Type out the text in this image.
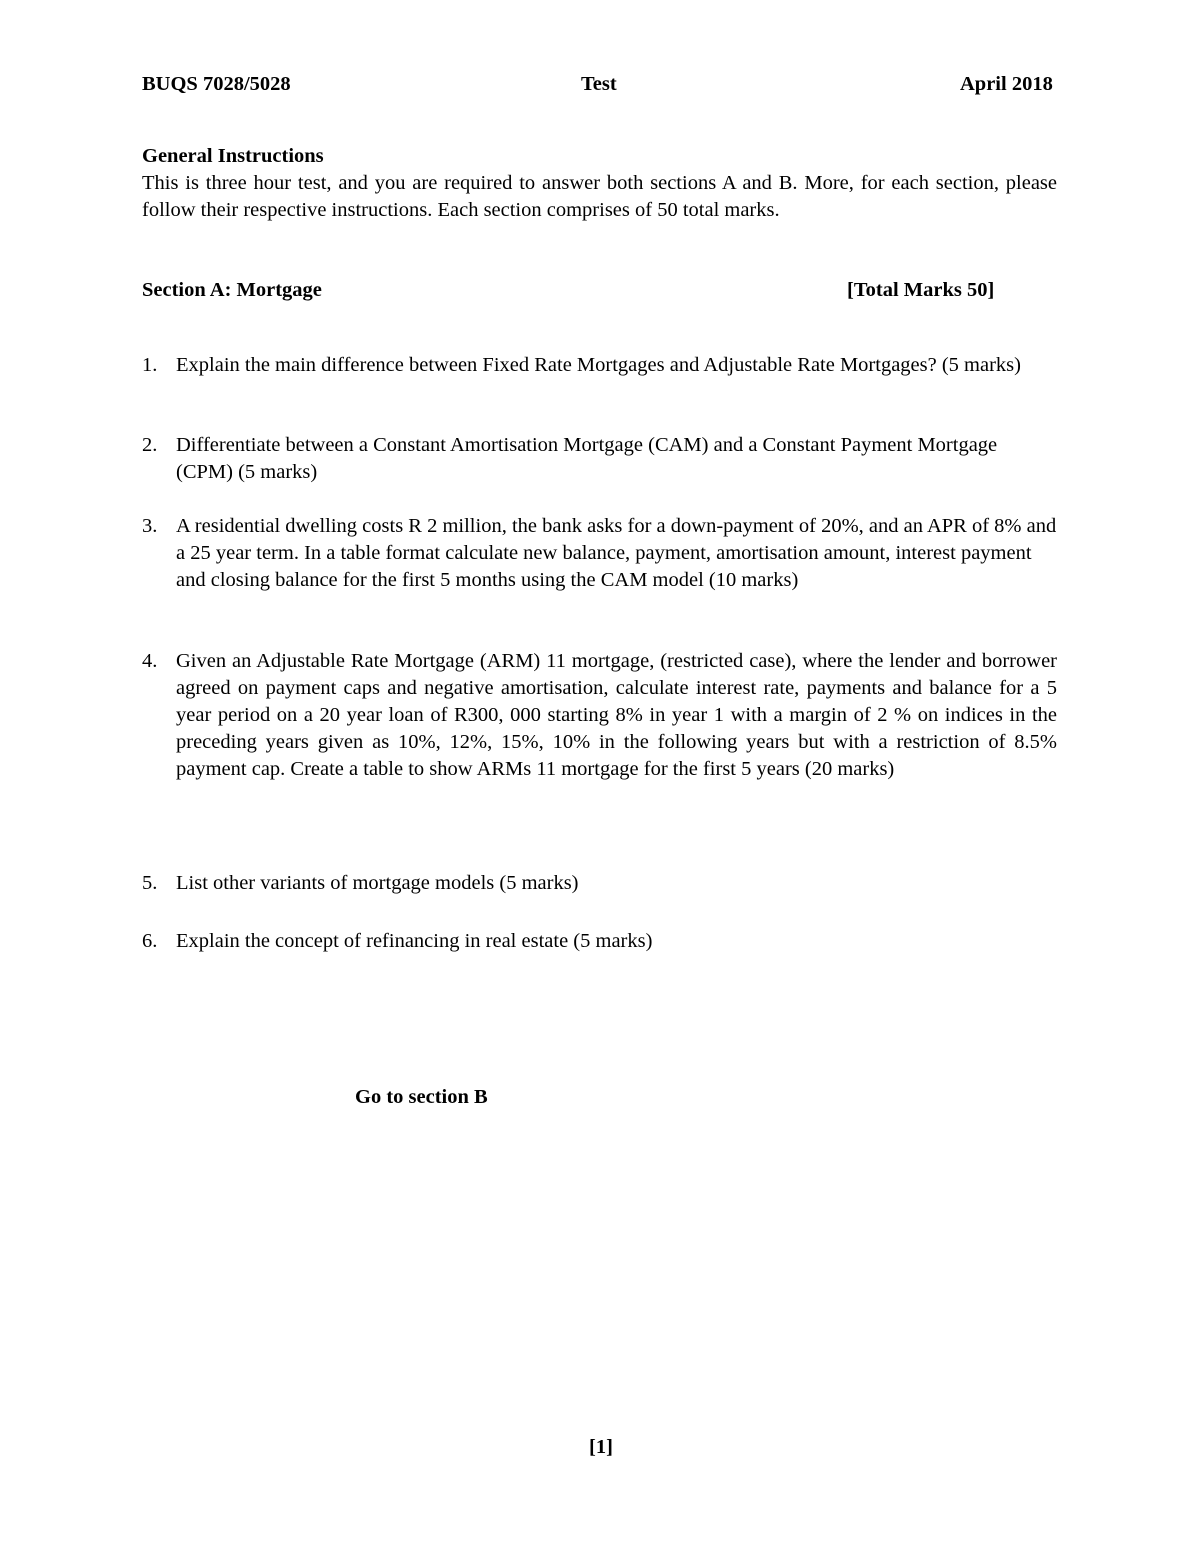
BUQS 7028/5028	Test	April 2018
General Instructions
This is three hour test, and you are required to answer both sections A and B. More, for each section, please follow their respective instructions. Each section comprises of 50 total marks.
Section A: Mortgage	[Total Marks 50]
1. Explain the main difference between Fixed Rate Mortgages and Adjustable Rate Mortgages? (5 marks)
2. Differentiate between a Constant Amortisation Mortgage (CAM) and a Constant Payment Mortgage (CPM) (5 marks)
3. A residential dwelling costs R 2 million, the bank asks for a down-payment of 20%, and an APR of 8% and a 25 year term. In a table format calculate new balance, payment, amortisation amount, interest payment and closing balance for the first 5 months using the CAM model (10 marks)
4. Given an Adjustable Rate Mortgage (ARM) 11 mortgage, (restricted case), where the lender and borrower agreed on payment caps and negative amortisation, calculate interest rate, payments and balance for a 5 year period on a 20 year loan of R300, 000 starting 8% in year 1 with a margin of 2 % on indices in the preceding years given as 10%, 12%, 15%, 10% in the following years but with a restriction of 8.5% payment cap. Create a table to show ARMs 11 mortgage for the first 5 years (20 marks)
5. List other variants of mortgage models (5 marks)
6. Explain the concept of refinancing in real estate (5 marks)
Go to section B
[1]
